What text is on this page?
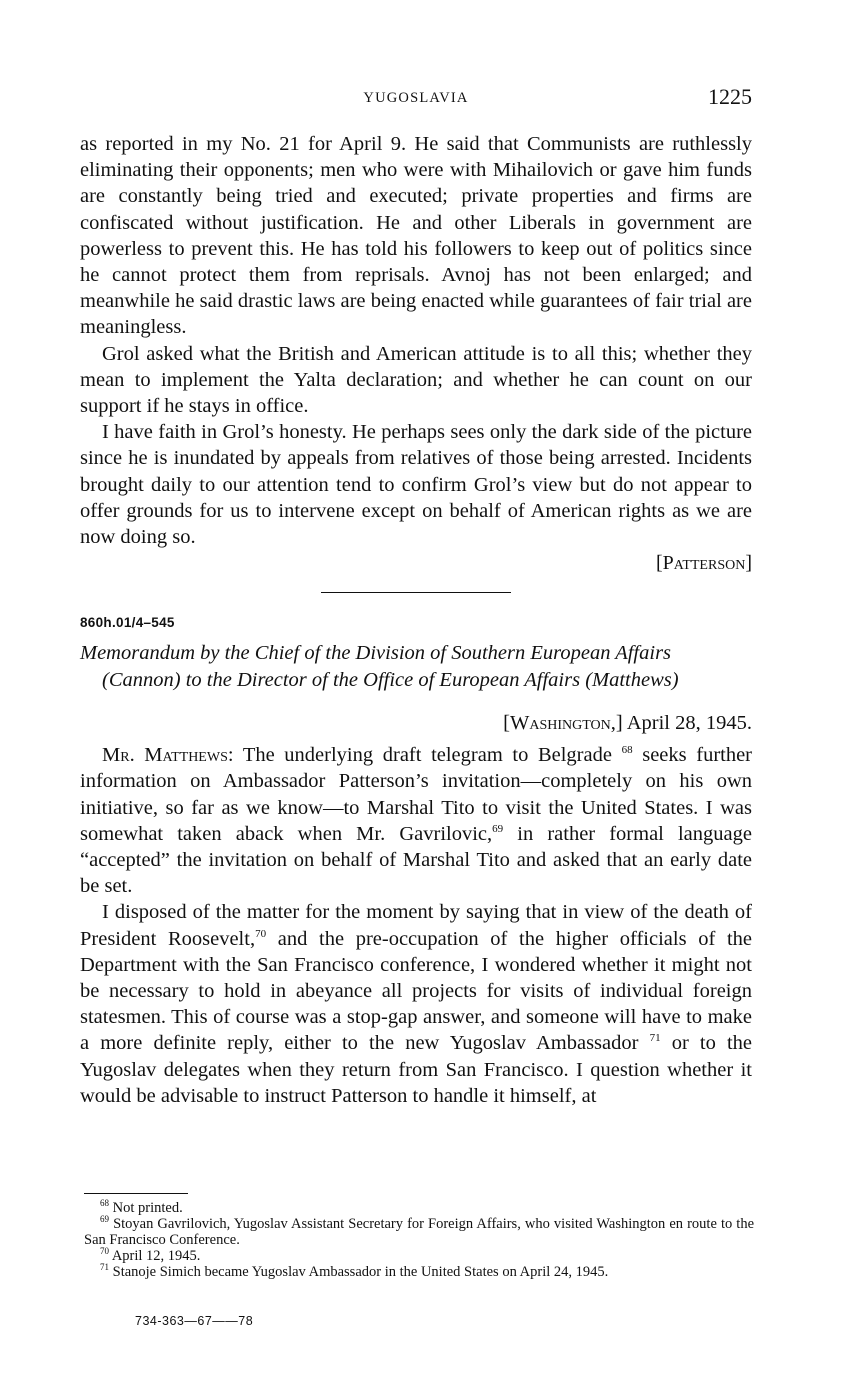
YUGOSLAVIA	1225

as reported in my No. 21 for April 9. He said that Communists are ruthlessly eliminating their opponents; men who were with Mihailovich or gave him funds are constantly being tried and executed; private properties and firms are confiscated without justification. He and other Liberals in government are powerless to prevent this. He has told his followers to keep out of politics since he cannot protect them from reprisals. Avnoj has not been enlarged; and meanwhile he said drastic laws are being enacted while guarantees of fair trial are meaningless.

Grol asked what the British and American attitude is to all this; whether they mean to implement the Yalta declaration; and whether he can count on our support if he stays in office.

I have faith in Grol’s honesty. He perhaps sees only the dark side of the picture since he is inundated by appeals from relatives of those being arrested. Incidents brought daily to our attention tend to confirm Grol’s view but do not appear to offer grounds for us to intervene except on behalf of American rights as we are now doing so.

[Patterson]

860h.01/4–545
Memorandum by the Chief of the Division of Southern European Affairs (Cannon) to the Director of the Office of European Affairs (Matthews)
[Washington,] April 28, 1945.

Mr. Matthews: The underlying draft telegram to Belgrade $^{68}$ seeks further information on Ambassador Patterson’s invitation—completely on his own initiative, so far as we know—to Marshal Tito to visit the United States. I was somewhat taken aback when Mr. Gavrilovic,$^{69}$ in rather formal language “accepted” the invitation on behalf of Marshal Tito and asked that an early date be set.

I disposed of the matter for the moment by saying that in view of the death of President Roosevelt,$^{70}$ and the pre-occupation of the higher officials of the Department with the San Francisco conference, I wondered whether it might not be necessary to hold in abeyance all projects for visits of individual foreign statesmen. This of course was a stop-gap answer, and someone will have to make a more definite reply, either to the new Yugoslav Ambassador $^{71}$ or to the Yugoslav delegates when they return from San Francisco. I question whether it would be advisable to instruct Patterson to handle it himself, at

$^{68}$ Not printed.

$^{69}$ Stoyan Gavrilovich, Yugoslav Assistant Secretary for Foreign Affairs, who visited Washington en route to the San Francisco Conference.

$^{70}$ April 12, 1945.

$^{71}$ Stanoje Simich became Yugoslav Ambassador in the United States on April 24, 1945.

734-363—67——78
